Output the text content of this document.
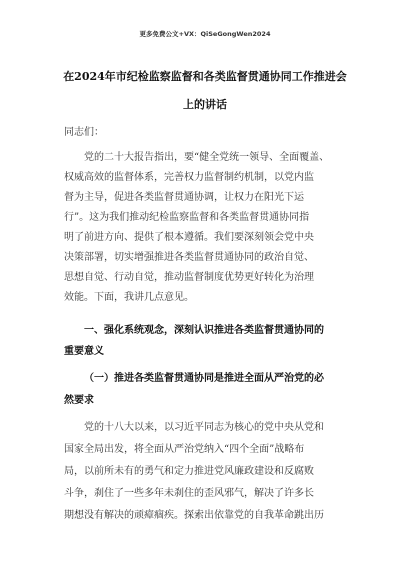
更多免费公文+VX：QiSeGongWen2024
在2024年市纪检监察监督和各类监督贯通协同工作推进会
上的讲话
同志们：
党的二十大报告指出，要“健全党统一领导、全面覆盖、
权威高效的监督体系，完善权力监督制约机制，以党内监
督为主导，促进各类监督贯通协调，让权力在阳光下运
行”。这为我们推动纪检监察监督和各类监督贯通协同指
明了前进方向、提供了根本遵循。我们要深刻领会党中央
决策部署，切实增强推进各类监督贯通协同的政治自觉、
思想自觉、行动自觉，推动监督制度优势更好转化为治理
效能。下面，我讲几点意见。
一、强化系统观念，深刻认识推进各类监督贯通协同的
重要意义
（一）推进各类监督贯通协同是推进全面从严治党的必
然要求
党的十八大以来，以习近平同志为核心的党中央从党和
国家全局出发，将全面从严治党纳入“四个全面”战略布
局，以前所未有的勇气和定力推进党风廉政建设和反腐败
斗争，刹住了一些多年未刹住的歪风邪气，解决了许多长
期想没有解决的顽瘴痼疾。探索出依靠党的自我革命跳出历
